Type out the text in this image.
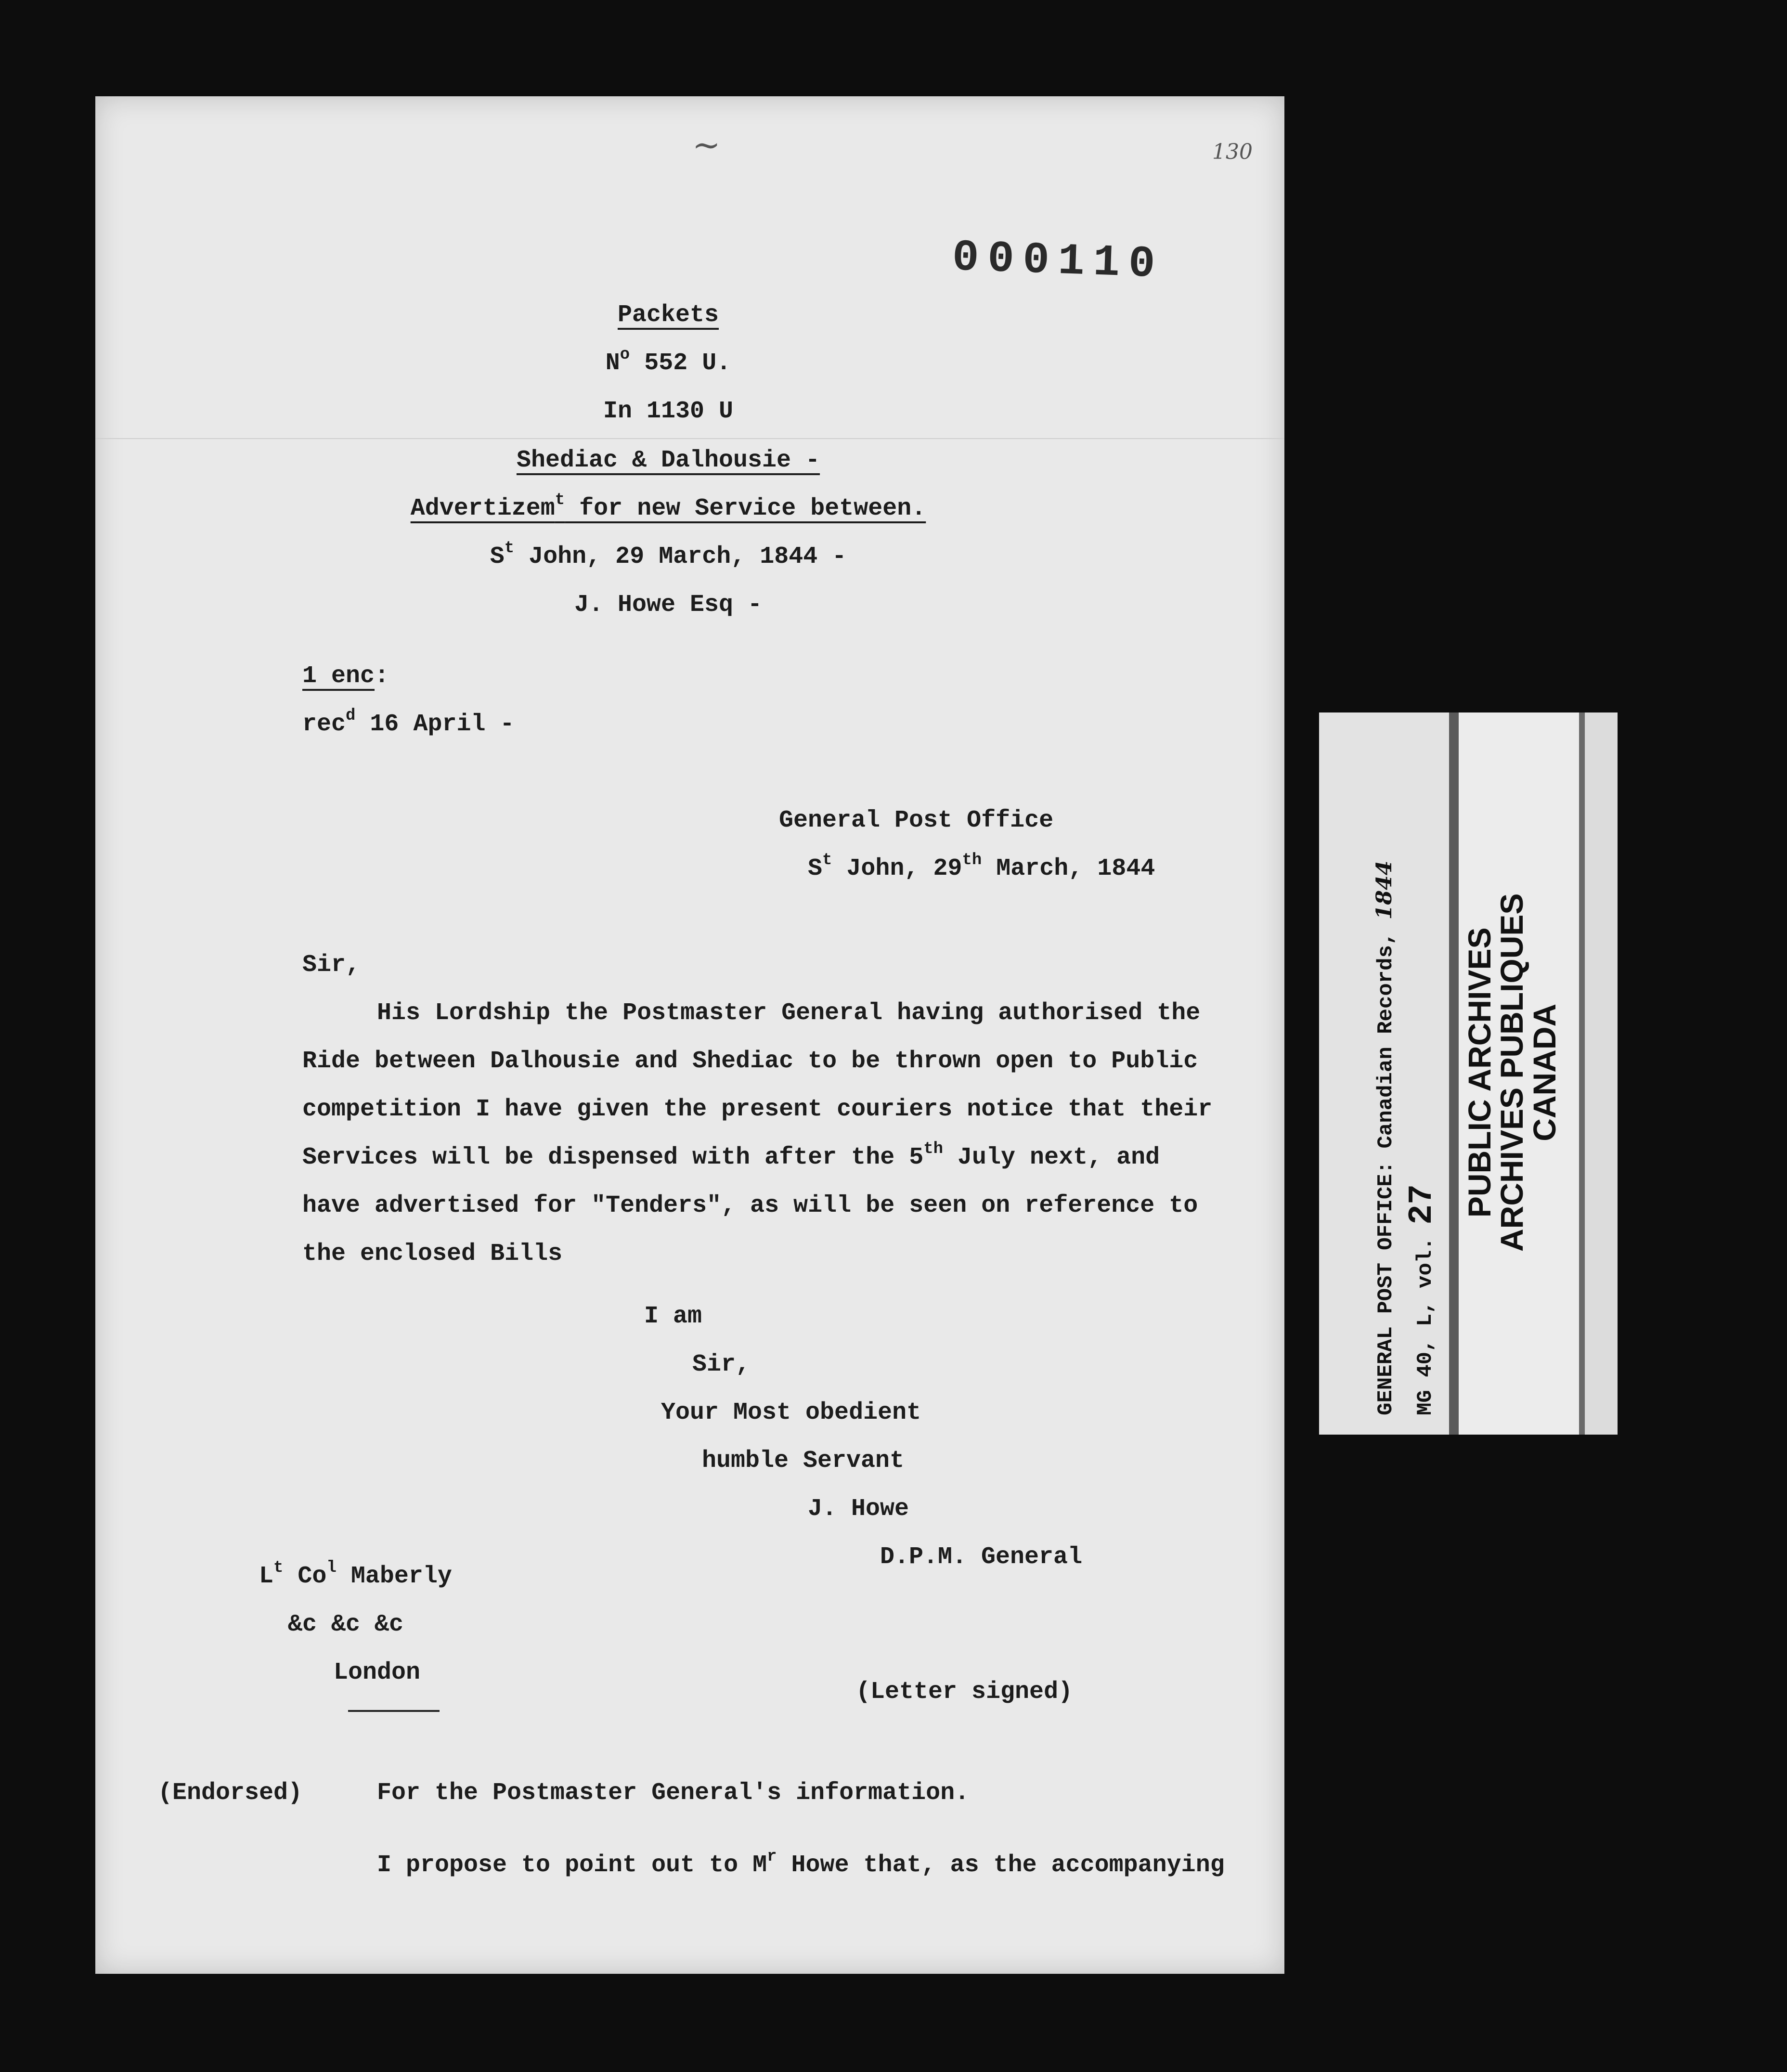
000110
130
∼
Packets
$N^o$ 552 U.
In 1130 U
Shediac & Dalhousie -
Advertizem$^t$ for new Service between.
$S^t$ John, 29 March, 1844 -
J. Howe Esq -
1 enc:
rec$^d$ 16 April -
General Post Office
$S^t$ John, 29th March, 1844
Sir,
His Lordship the Postmaster General having authorised the
Ride between Dalhousie and Shediac to be thrown open to Public
competition I have given the present couriers notice that their
Services will be dispensed with after the 5th July next, and
have advertised for "Tenders", as will be seen on reference to
the enclosed Bills
I am
Sir,
Your Most obedient
humble Servant
J. Howe
D.P.M. General
$L^t$ Co$^l$ Maberly
&c &c &c
London
(Letter signed)
(Endorsed)	For the Postmaster General's information.
I propose to point out to $M^r$ Howe that, as the accompanying
GENERAL POST OFFICE: Canadian Records, 1844
MG 40, L, vol. 27 PUBLIC ARCHIVES
ARCHIVES PUBLIQUES
CANADA
